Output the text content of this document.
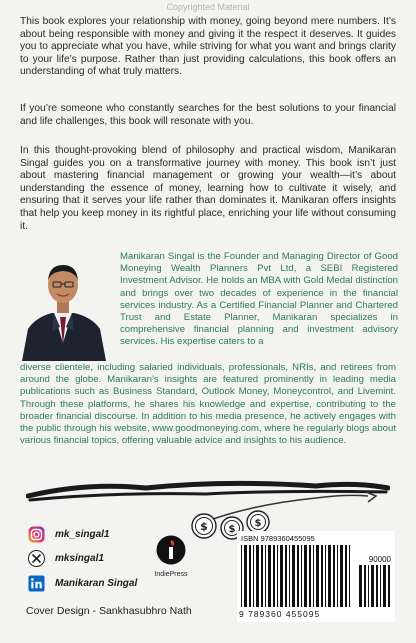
Copyrighted Material

This book explores your relationship with money, going beyond mere numbers. It’s about being responsible with money and giving it the respect it deserves. It guides you to appreciate what you have, while striving for what you want and brings clarity to your life’s purpose. Rather than just providing calculations, this book offers an understanding of what truly matters.

If you’re someone who constantly searches for the best solutions to your financial and life challenges, this book will resonate with you.

In this thought-provoking blend of philosophy and practical wisdom, Manikaran Singal guides you on a transformative journey with money. This book isn’t just about mastering financial management or growing your wealth—it’s about understanding the essence of money, learning how to cultivate it wisely, and ensuring that it serves your life rather than dominates it. Manikaran offers insights that help you keep money in its rightful place, enriching your life without consuming it.

Manikaran Singal is the Founder and Managing Director of Good Moneying Wealth Planners Pvt Ltd, a SEBI Registered Investment Advisor. He holds an MBA with Gold Medal distinction and brings over two decades of experience in the financial services industry. As a Certified Financial Planner and Chartered Trust and Estate Planner, Manikaran specializes in comprehensive financial planning and investment advisory services. His expertise caters to a

diverse clientele, including salaried individuals, professionals, NRIs, and retirees from around the globe. Manikaran’s insights are featured prominently in leading media publications such as Business Standard, Outlook Money, Moneycontrol, and Livemint. Through these platforms, he shares his knowledge and expertise, contributing to the broader financial discourse. In addition to his media presence, he actively engages with the public through his website, www.goodmoneying.com, where he regularly blogs about various financial topics, offering valuable advice and insights to his audience.

$ $
$
mk_singal1
mksingal1
Manikaran Singal
IndiePress
ISBN 9789360455095
90000
9 789360 455095
Cover Design - Sankhasubhro Nath
